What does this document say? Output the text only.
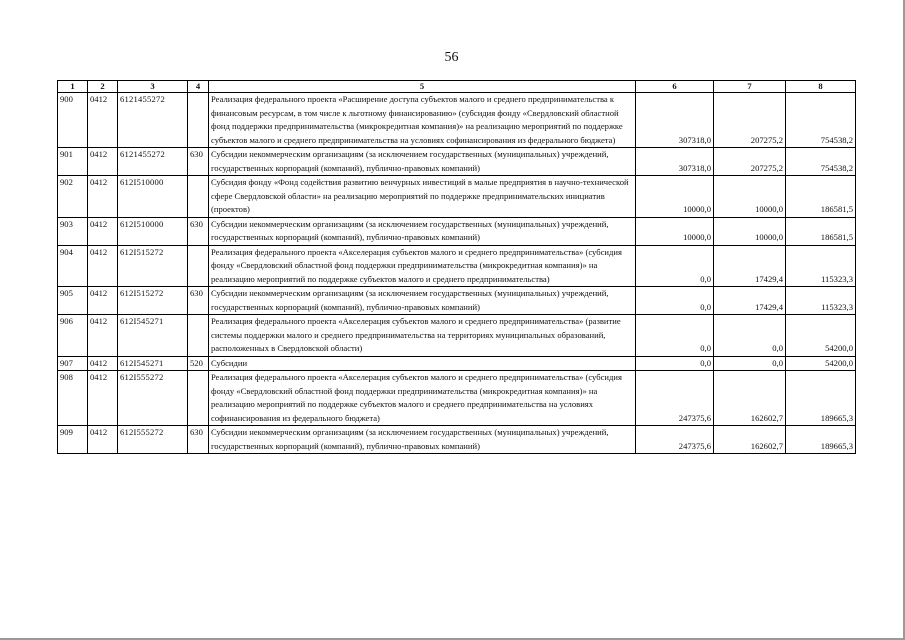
56
1	2	3	4	5	6	7	8
900	0412	6121455272		Реализация федерального проекта «Расширение доступа субъектов малого и среднего предпринимательства к финансовым ресурсам, в том числе к льготному финансированию» (субсидия фонду «Свердловский областной фонд поддержки предпринимательства (микрокредитная компания)» на реализацию мероприятий по поддержке субъектов малого и среднего предпринимательства на условиях софинансирования из федерального бюджета)	307318,0	207275,2	754538,2
901	0412	6121455272	630	Субсидии некоммерческим организациям (за исключением государственных (муниципальных) учреждений, государственных корпораций (компаний), публично-правовых компаний)	307318,0	207275,2	754538,2
902	0412	612I510000		Субсидия фонду «Фонд содействия развитию венчурных инвестиций в малые предприятия в научно-технической сфере Свердловской области» на реализацию мероприятий по поддержке предпринимательских инициатив (проектов)	10000,0	10000,0	186581,5
903	0412	612I510000	630	Субсидии некоммерческим организациям (за исключением государственных (муниципальных) учреждений, государственных корпораций (компаний), публично-правовых компаний)	10000,0	10000,0	186581,5
904	0412	612I515272		Реализация федерального проекта «Акселерация субъектов малого и среднего предпринимательства» (субсидия фонду «Свердловский областной фонд поддержки предпринимательства (микрокредитная компания)» на реализацию мероприятий по поддержке субъектов малого и среднего предпринимательства)	0,0	17429,4	115323,3
905	0412	612I515272	630	Субсидии некоммерческим организациям (за исключением государственных (муниципальных) учреждений, государственных корпораций (компаний), публично-правовых компаний)	0,0	17429,4	115323,3
906	0412	612I545271		Реализация федерального проекта «Акселерация субъектов малого и среднего предпринимательства» (развитие системы поддержки малого и среднего предпринимательства на территориях муниципальных образований, расположенных в Свердловской области)	0,0	0,0	54200,0
907	0412	612I545271	520	Субсидии	0,0	0,0	54200,0
908	0412	612I555272		Реализация федерального проекта «Акселерация субъектов малого и среднего предпринимательства» (субсидия фонду «Свердловский областной фонд поддержки предпринимательства (микрокредитная компания)» на реализацию мероприятий по поддержке субъектов малого и среднего предпринимательства на условиях софинансирования из федерального бюджета)	247375,6	162602,7	189665,3
909	0412	612I555272	630	Субсидии некоммерческим организациям (за исключением государственных (муниципальных) учреждений, государственных корпораций (компаний), публично-правовых компаний)	247375,6	162602,7	189665,3
